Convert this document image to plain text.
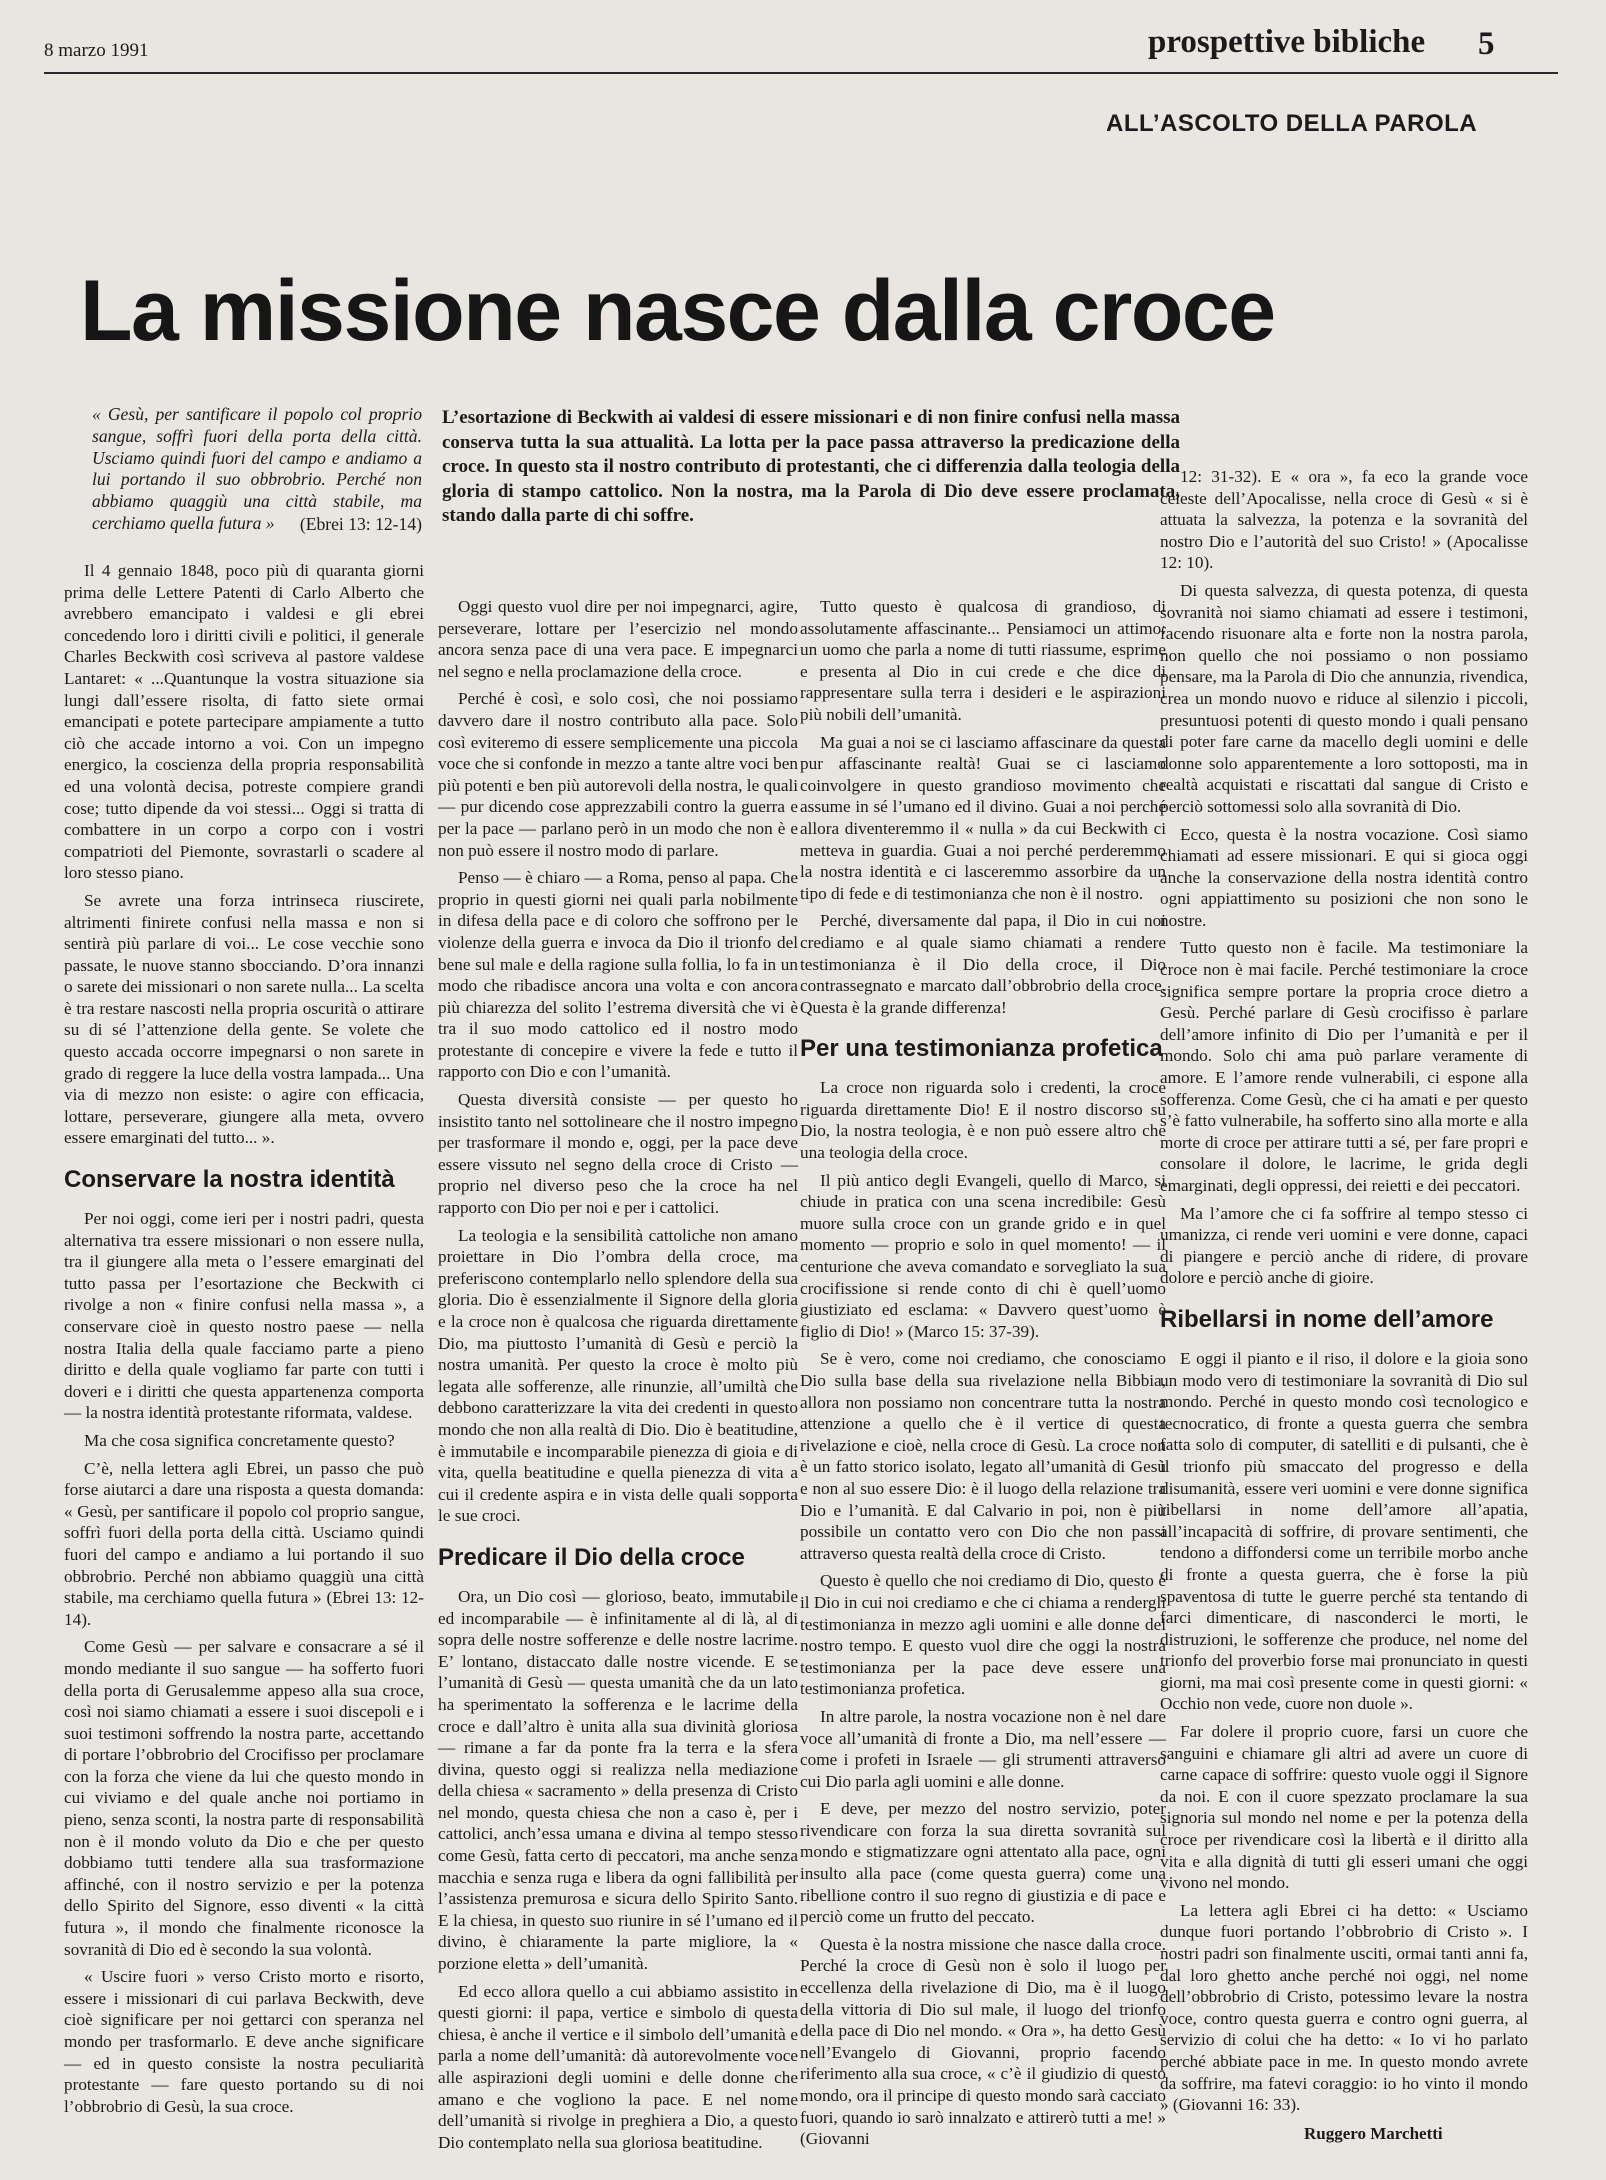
8 marzo 1991	prospettive bibliche 5
ALL’ASCOLTO DELLA PAROLA
La missione nasce dalla croce
« Gesù, per santificare il popolo col proprio sangue, soffrì fuori della porta della città. Usciamo quindi fuori del campo e andiamo a lui portando il suo obbrobrio. Perché non abbiamo quaggiù una città stabile, ma cerchiamo quella futura »	(Ebrei 13: 12-14)
L’esortazione di Beckwith ai valdesi di essere missionari e di non finire confusi nella massa conserva tutta la sua attualità. La lotta per la pace passa attraverso la predicazione della croce. In questo sta il nostro contributo di protestanti, che ci differenzia dalla teologia della gloria di stampo cattolico. Non la nostra, ma la Parola di Dio deve essere proclamata, stando dalla parte di chi soffre.

Il 4 gennaio 1848, poco più di quaranta giorni prima delle Lettere Patenti di Carlo Alberto che avrebbero emancipato i valdesi e gli ebrei concedendo loro i diritti civili e politici, il generale Charles Beckwith così scriveva al pastore valdese Lantaret: « ...Quantunque la vostra situazione sia lungi dall’essere risolta, di fatto siete ormai emancipati e potete partecipare ampiamente a tutto ciò che accade intorno a voi. Con un impegno energico, la coscienza della propria responsabilità ed una volontà decisa, potreste compiere grandi cose; tutto dipende da voi stessi... Oggi si tratta di combattere in un corpo a corpo con i vostri compatrioti del Piemonte, sovrastarli o scadere al loro stesso piano.

Se avrete una forza intrinseca riuscirete, altrimenti finirete confusi nella massa e non si sentirà più parlare di voi... Le cose vecchie sono passate, le nuove stanno sbocciando. D’ora innanzi o sarete dei missionari o non sarete nulla... La scelta è tra restare nascosti nella propria oscurità o attirare su di sé l’attenzione della gente. Se volete che questo accada occorre impegnarsi o non sarete in grado di reggere la luce della vostra lampada... Una via di mezzo non esiste: o agire con efficacia, lottare, perseverare, giungere alla meta, ovvero essere emarginati del tutto... ».

Conservare la nostra identità

Per noi oggi, come ieri per i nostri padri, questa alternativa tra essere missionari o non essere nulla, tra il giungere alla meta o l’essere emarginati del tutto passa per l’esortazione che Beckwith ci rivolge a non « finire confusi nella massa », a conservare cioè in questo nostro paese — nella nostra Italia della quale facciamo parte a pieno diritto e della quale vogliamo far parte con tutti i doveri e i diritti che questa appartenenza comporta — la nostra identità protestante riformata, valdese.

Ma che cosa significa concretamente questo?

C’è, nella lettera agli Ebrei, un passo che può forse aiutarci a dare una risposta a questa domanda: « Gesù, per santificare il popolo col proprio sangue, soffrì fuori della porta della città. Usciamo quindi fuori del campo e andiamo a lui portando il suo obbrobrio. Perché non abbiamo quaggiù una città stabile, ma cerchiamo quella futura » (Ebrei 13: 12-14).

Come Gesù — per salvare e consacrare a sé il mondo mediante il suo sangue — ha sofferto fuori della porta di Gerusalemme appeso alla sua croce, così noi siamo chiamati a essere i suoi discepoli e i suoi testimoni soffrendo la nostra parte, accettando di portare l’obbrobrio del Crocifisso per proclamare con la forza che viene da lui che questo mondo in cui viviamo e del quale anche noi portiamo in pieno, senza sconti, la nostra parte di responsabilità non è il mondo voluto da Dio e che per questo dobbiamo tutti tendere alla sua trasformazione affinché, con il nostro servizio e per la potenza dello Spirito del Signore, esso diventi « la città futura », il mondo che finalmente riconosce la sovranità di Dio ed è secondo la sua volontà.

« Uscire fuori » verso Cristo morto e risorto, essere i missionari di cui parlava Beckwith, deve cioè significare per noi gettarci con speranza nel mondo per trasformarlo. E deve anche significare — ed in questo consiste la nostra peculiarità protestante — fare questo portando su di noi l’obbrobrio di Gesù, la sua croce.

Oggi questo vuol dire per noi impegnarci, agire, perseverare, lottare per l’esercizio nel mondo ancora senza pace di una vera pace. E impegnarci nel segno e nella proclamazione della croce.

Perché è così, e solo così, che noi possiamo davvero dare il nostro contributo alla pace. Solo così eviteremo di essere semplicemente una piccola voce che si confonde in mezzo a tante altre voci ben più potenti e ben più autorevoli della nostra, le quali — pur dicendo cose apprezzabili contro la guerra e per la pace — parlano però in un modo che non è e non può essere il nostro modo di parlare.

Penso — è chiaro — a Roma, penso al papa. Che proprio in questi giorni nei quali parla nobilmente in difesa della pace e di coloro che soffrono per le violenze della guerra e invoca da Dio il trionfo del bene sul male e della ragione sulla follia, lo fa in un modo che ribadisce ancora una volta e con ancora più chiarezza del solito l’estrema diversità che vi è tra il suo modo cattolico ed il nostro modo protestante di concepire e vivere la fede e tutto il rapporto con Dio e con l’umanità.

Questa diversità consiste — per questo ho insistito tanto nel sottolineare che il nostro impegno per trasformare il mondo e, oggi, per la pace deve essere vissuto nel segno della croce di Cristo — proprio nel diverso peso che la croce ha nel rapporto con Dio per noi e per i cattolici.

La teologia e la sensibilità cattoliche non amano proiettare in Dio l’ombra della croce, ma preferiscono contemplarlo nello splendore della sua gloria. Dio è essenzialmente il Signore della gloria e la croce non è qualcosa che riguarda direttamente Dio, ma piuttosto l’umanità di Gesù e perciò la nostra umanità. Per questo la croce è molto più legata alle sofferenze, alle rinunzie, all’umiltà che debbono caratterizzare la vita dei credenti in questo mondo che non alla realtà di Dio. Dio è beatitudine, è immutabile e incomparabile pienezza di gioia e di vita, quella beatitudine e quella pienezza di vita a cui il credente aspira e in vista delle quali sopporta le sue croci.

Predicare il Dio della croce

Ora, un Dio così — glorioso, beato, immutabile ed incomparabile — è infinitamente al di là, al di sopra delle nostre sofferenze e delle nostre lacrime. E’ lontano, distaccato dalle nostre vicende. E se l’umanità di Gesù — questa umanità che da un lato ha sperimentato la sofferenza e le lacrime della croce e dall’altro è unita alla sua divinità gloriosa — rimane a far da ponte fra la terra e la sfera divina, questo oggi si realizza nella mediazione della chiesa « sacramento » della presenza di Cristo nel mondo, questa chiesa che non a caso è, per i cattolici, anch’essa umana e divina al tempo stesso come Gesù, fatta certo di peccatori, ma anche senza macchia e senza ruga e libera da ogni fallibilità per l’assistenza premurosa e sicura dello Spirito Santo. E la chiesa, in questo suo riunire in sé l’umano ed il divino, è chiaramente la parte migliore, la « porzione eletta » dell’umanità.

Ed ecco allora quello a cui abbiamo assistito in questi giorni: il papa, vertice e simbolo di questa chiesa, è anche il vertice e il simbolo dell’umanità e parla a nome dell’umanità: dà autorevolmente voce alle aspirazioni degli uomini e delle donne che amano e che vogliono la pace. E nel nome dell’umanità si rivolge in preghiera a Dio, a questo Dio contemplato nella sua gloriosa beatitudine.

Tutto questo è qualcosa di grandioso, di assolutamente affascinante... Pensiamoci un attimo: un uomo che parla a nome di tutti riassume, esprime e presenta al Dio in cui crede e che dice di rappresentare sulla terra i desideri e le aspirazioni più nobili dell’umanità.

Ma guai a noi se ci lasciamo affascinare da questa pur affascinante realtà! Guai se ci lasciamo coinvolgere in questo grandioso movimento che assume in sé l’umano ed il divino. Guai a noi perché allora diventeremmo il « nulla » da cui Beckwith ci metteva in guardia. Guai a noi perché perderemmo la nostra identità e ci lasceremmo assorbire da un tipo di fede e di testimonianza che non è il nostro.

Perché, diversamente dal papa, il Dio in cui noi crediamo e al quale siamo chiamati a rendere testimonianza è il Dio della croce, il Dio contrassegnato e marcato dall’obbrobrio della croce. Questa è la grande differenza!

Per una testimonianza profetica

La croce non riguarda solo i credenti, la croce riguarda direttamente Dio! E il nostro discorso su Dio, la nostra teologia, è e non può essere altro che una teologia della croce.

Il più antico degli Evangeli, quello di Marco, si chiude in pratica con una scena incredibile: Gesù muore sulla croce con un grande grido e in quel momento — proprio e solo in quel momento! — il centurione che aveva comandato e sorvegliato la sua crocifissione si rende conto di chi è quell’uomo giustiziato ed esclama: « Davvero quest’uomo è figlio di Dio! » (Marco 15: 37-39).

Se è vero, come noi crediamo, che conosciamo Dio sulla base della sua rivelazione nella Bibbia, allora non possiamo non concentrare tutta la nostra attenzione a quello che è il vertice di questa rivelazione e cioè, nella croce di Gesù. La croce non è un fatto storico isolato, legato all’umanità di Gesù e non al suo essere Dio: è il luogo della relazione tra Dio e l’umanità. E dal Calvario in poi, non è più possibile un contatto vero con Dio che non passi attraverso questa realtà della croce di Cristo.

Questo è quello che noi crediamo di Dio, questo è il Dio in cui noi crediamo e che ci chiama a rendergli testimonianza in mezzo agli uomini e alle donne del nostro tempo. E questo vuol dire che oggi la nostra testimonianza per la pace deve essere una testimonianza profetica.

In altre parole, la nostra vocazione non è nel dare voce all’umanità di fronte a Dio, ma nell’essere — come i profeti in Israele — gli strumenti attraverso cui Dio parla agli uomini e alle donne.

E deve, per mezzo del nostro servizio, poter rivendicare con forza la sua diretta sovranità sul mondo e stigmatizzare ogni attentato alla pace, ogni insulto alla pace (come questa guerra) come una ribellione contro il suo regno di giustizia e di pace e perciò come un frutto del peccato.

Questa è la nostra missione che nasce dalla croce. Perché la croce di Gesù non è solo il luogo per eccellenza della rivelazione di Dio, ma è il luogo della vittoria di Dio sul male, il luogo del trionfo della pace di Dio nel mondo. « Ora », ha detto Gesù nell’Evangelo di Giovanni, proprio facendo riferimento alla sua croce, « c’è il giudizio di questo mondo, ora il principe di questo mondo sarà cacciato fuori, quando io sarò innalzato e attirerò tutti a me! » (Giovanni

12: 31-32). E « ora », fa eco la grande voce celeste dell’Apocalisse, nella croce di Gesù « si è attuata la salvezza, la potenza e la sovranità del nostro Dio e l’autorità del suo Cristo! » (Apocalisse 12: 10).

Di questa salvezza, di questa potenza, di questa sovranità noi siamo chiamati ad essere i testimoni, facendo risuonare alta e forte non la nostra parola, non quello che noi possiamo o non possiamo pensare, ma la Parola di Dio che annunzia, rivendica, crea un mondo nuovo e riduce al silenzio i piccoli, presuntuosi potenti di questo mondo i quali pensano di poter fare carne da macello degli uomini e delle donne solo apparentemente a loro sottoposti, ma in realtà acquistati e riscattati dal sangue di Cristo e perciò sottomessi solo alla sovranità di Dio.

Ecco, questa è la nostra vocazione. Così siamo chiamati ad essere missionari. E qui si gioca oggi anche la conservazione della nostra identità contro ogni appiattimento su posizioni che non sono le nostre.

Tutto questo non è facile. Ma testimoniare la croce non è mai facile. Perché testimoniare la croce significa sempre portare la propria croce dietro a Gesù. Perché parlare di Gesù crocifisso è parlare dell’amore infinito di Dio per l’umanità e per il mondo. Solo chi ama può parlare veramente di amore. E l’amore rende vulnerabili, ci espone alla sofferenza. Come Gesù, che ci ha amati e per questo s’è fatto vulnerabile, ha sofferto sino alla morte e alla morte di croce per attirare tutti a sé, per fare propri e consolare il dolore, le lacrime, le grida degli emarginati, degli oppressi, dei reietti e dei peccatori.

Ma l’amore che ci fa soffrire al tempo stesso ci umanizza, ci rende veri uomini e vere donne, capaci di piangere e perciò anche di ridere, di provare dolore e perciò anche di gioire.

Ribellarsi in nome dell’amore

E oggi il pianto e il riso, il dolore e la gioia sono un modo vero di testimoniare la sovranità di Dio sul mondo. Perché in questo mondo così tecnologico e tecnocratico, di fronte a questa guerra che sembra fatta solo di computer, di satelliti e di pulsanti, che è il trionfo più smaccato del progresso e della disumanità, essere veri uomini e vere donne significa ribellarsi in nome dell’amore all’apatia, all’incapacità di soffrire, di provare sentimenti, che tendono a diffondersi come un terribile morbo anche di fronte a questa guerra, che è forse la più spaventosa di tutte le guerre perché sta tentando di farci dimenticare, di nasconderci le morti, le distruzioni, le sofferenze che produce, nel nome del trionfo del proverbio forse mai pronunciato in questi giorni, ma mai così presente come in questi giorni: « Occhio non vede, cuore non duole ».

Far dolere il proprio cuore, farsi un cuore che sanguini e chiamare gli altri ad avere un cuore di carne capace di soffrire: questo vuole oggi il Signore da noi. E con il cuore spezzato proclamare la sua signoria sul mondo nel nome e per la potenza della croce per rivendicare così la libertà e il diritto alla vita e alla dignità di tutti gli esseri umani che oggi vivono nel mondo.

La lettera agli Ebrei ci ha detto: « Usciamo dunque fuori portando l’obbrobrio di Cristo ». I nostri padri son finalmente usciti, ormai tanti anni fa, dal loro ghetto anche perché noi oggi, nel nome dell’obbrobrio di Cristo, potessimo levare la nostra voce, contro questa guerra e contro ogni guerra, al servizio di colui che ha detto: « Io vi ho parlato perché abbiate pace in me. In questo mondo avrete da soffrire, ma fatevi coraggio: io ho vinto il mondo » (Giovanni 16: 33).

Ruggero Marchetti
